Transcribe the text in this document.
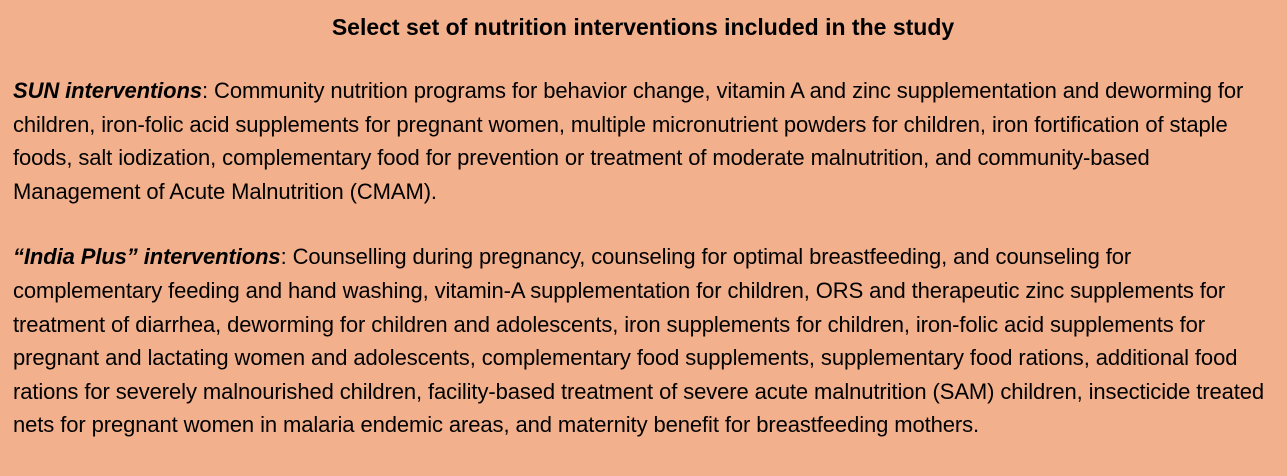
Select set of nutrition interventions included in the study

SUN interventions: Community nutrition programs for behavior change, vitamin A and zinc supplementation and deworming for children, iron-folic acid supplements for pregnant women, multiple micronutrient powders for children, iron fortification of staple foods, salt iodization, complementary food for prevention or treatment of moderate malnutrition, and community-based Management of Acute Malnutrition (CMAM).

“India Plus” interventions: Counselling during pregnancy, counseling for optimal breastfeeding, and counseling for complementary feeding and hand washing, vitamin-A supplementation for children, ORS and therapeutic zinc supplements for treatment of diarrhea, deworming for children and adolescents, iron supplements for children, iron-folic acid supplements for pregnant and lactating women and adolescents, complementary food supplements, supplementary food rations, additional food rations for severely malnourished children, facility-based treatment of severe acute malnutrition (SAM) children, insecticide treated nets for pregnant women in malaria endemic areas, and maternity benefit for breastfeeding mothers.
